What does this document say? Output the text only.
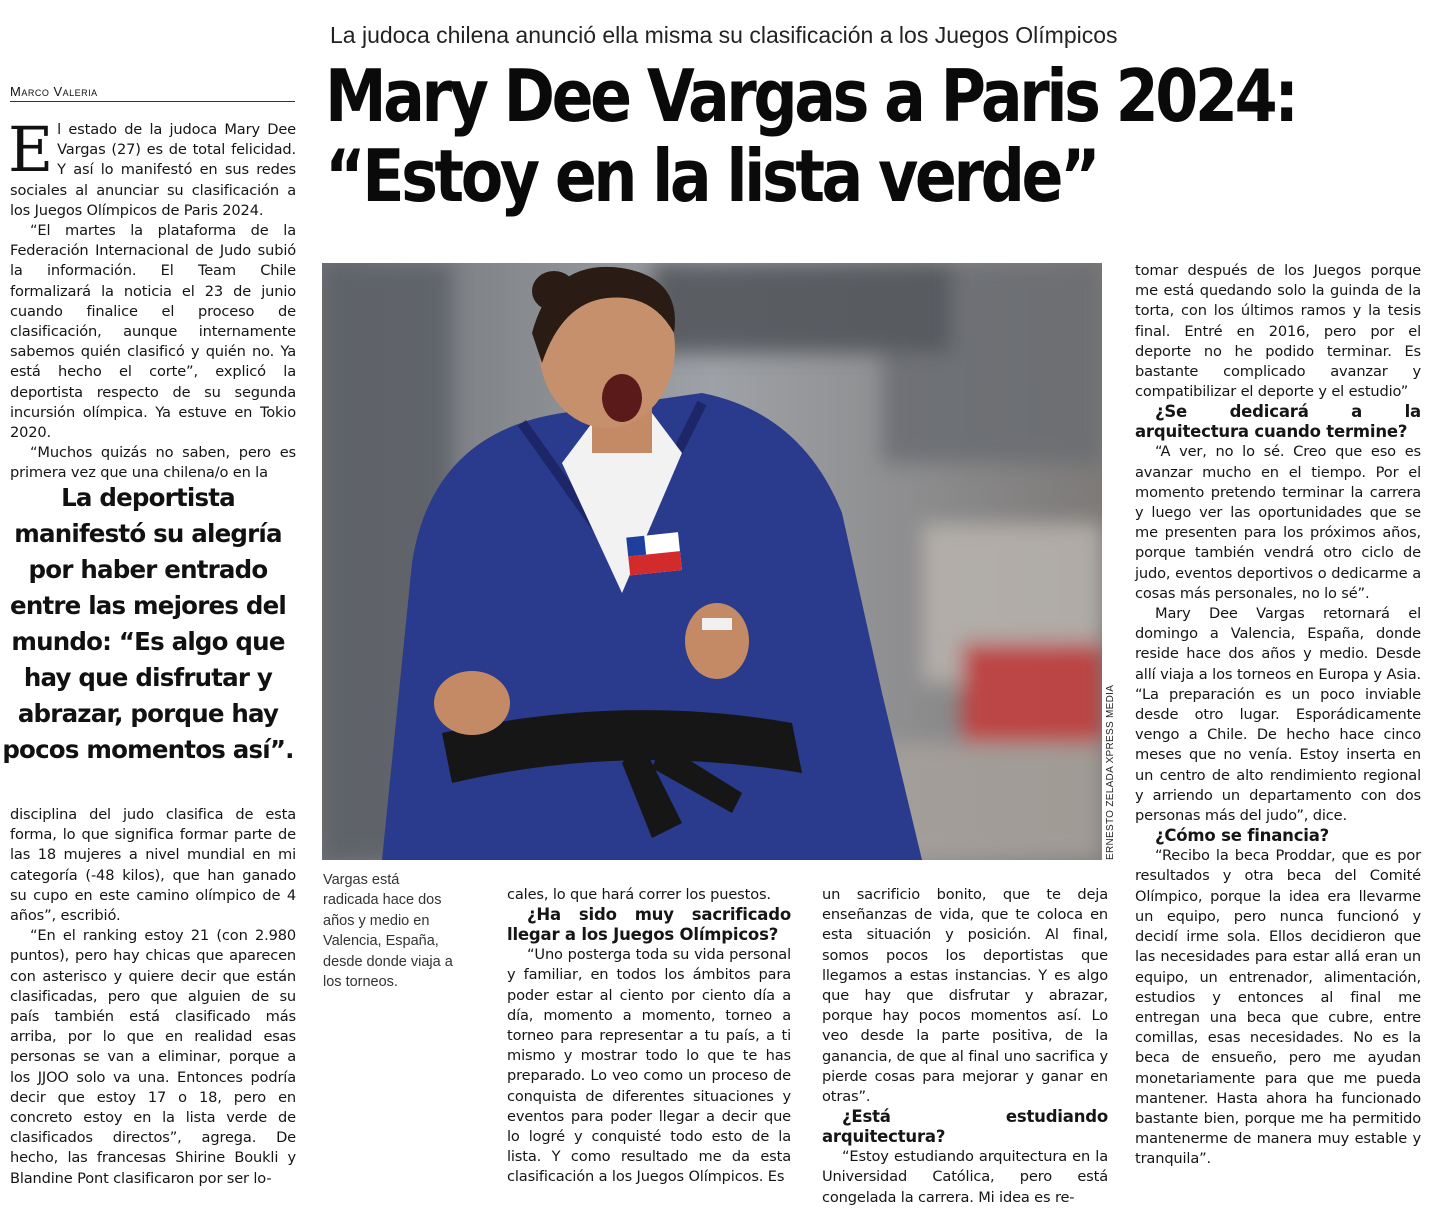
La judoca chilena anunció ella misma su clasificación a los Juegos Olímpicos
Mary Dee Vargas a Paris 2024:
“Estoy en la lista verde”
Marco Valeria

El estado de la judoca Mary Dee Vargas (27) es de total felicidad. Y así lo manifestó en sus redes sociales al anunciar su clasificación a los Juegos Olímpicos de Paris 2024.

“El martes la plataforma de la Federación Internacional de Judo subió la información. El Team Chile formalizará la noticia el 23 de junio cuando finalice el proceso de clasificación, aunque internamente sabemos quién clasificó y quién no. Ya está hecho el corte”, explicó la deportista respecto de su segunda incursión olímpica. Ya estuve en Tokio 2020.

“Muchos quizás no saben, pero es primera vez que una chilena/o en la

La deportista manifestó su alegría por haber entrado entre las mejores del mundo: “Es algo que hay que disfrutar y abrazar, porque hay pocos momentos así”.

disciplina del judo clasifica de esta forma, lo que significa formar parte de las 18 mujeres a nivel mundial en mi categoría (-48 kilos), que han ganado su cupo en este camino olímpico de 4 años”, escribió.

“En el ranking estoy 21 (con 2.980 puntos), pero hay chicas que aparecen con asterisco y quiere decir que están clasificadas, pero que alguien de su país también está clasificado más arriba, por lo que en realidad esas personas se van a eliminar, porque a los JJOO solo va una. Entonces podría decir que estoy 17 o 18, pero en concreto estoy en la lista verde de clasificados directos”, agrega. De hecho, las francesas Shirine Boukli y Blandine Pont clasificaron por ser lo-

ERNESTO ZELADA XPRESS MEDIA
Vargas está radicada hace dos años y medio en Valencia, España, desde donde viaja a los torneos.

cales, lo que hará correr los puestos.

¿Ha sido muy sacrificado llegar a los Juegos Olímpicos?

“Uno posterga toda su vida personal y familiar, en todos los ámbitos para poder estar al ciento por ciento día a día, momento a momento, torneo a torneo para representar a tu país, a ti mismo y mostrar todo lo que te has preparado. Lo veo como un proceso de conquista de diferentes situaciones y eventos para poder llegar a decir que lo logré y conquisté todo esto de la lista. Y como resultado me da esta clasificación a los Juegos Olímpicos. Es

un sacrificio bonito, que te deja enseñanzas de vida, que te coloca en esta situación y posición. Al final, somos pocos los deportistas que llegamos a estas instancias. Y es algo que hay que disfrutar y abrazar, porque hay pocos momentos así. Lo veo desde la parte positiva, de la ganancia, de que al final uno sacrifica y pierde cosas para mejorar y ganar en otras”.

¿Está estudiando arquitectura?

“Estoy estudiando arquitectura en la Universidad Católica, pero está congelada la carrera. Mi idea es re-

tomar después de los Juegos porque me está quedando solo la guinda de la torta, con los últimos ramos y la tesis final. Entré en 2016, pero por el deporte no he podido terminar. Es bastante complicado avanzar y compatibilizar el deporte y el estudio”

¿Se dedicará a la arquitectura cuando termine?

“A ver, no lo sé. Creo que eso es avanzar mucho en el tiempo. Por el momento pretendo terminar la carrera y luego ver las oportunidades que se me presenten para los próximos años, porque también vendrá otro ciclo de judo, eventos deportivos o dedicarme a cosas más personales, no lo sé”.

Mary Dee Vargas retornará el domingo a Valencia, España, donde reside hace dos años y medio. Desde allí viaja a los torneos en Europa y Asia. “La preparación es un poco inviable desde otro lugar. Esporádicamente vengo a Chile. De hecho hace cinco meses que no venía. Estoy inserta en un centro de alto rendimiento regional y arriendo un departamento con dos personas más del judo”, dice.

¿Cómo se financia?

“Recibo la beca Proddar, que es por resultados y otra beca del Comité Olímpico, porque la idea era llevarme un equipo, pero nunca funcionó y decidí irme sola. Ellos decidieron que las necesidades para estar allá eran un equipo, un entrenador, alimentación, estudios y entonces al final me entregan una beca que cubre, entre comillas, esas necesidades. No es la beca de ensueño, pero me ayudan monetariamente para que me pueda mantener. Hasta ahora ha funcionado bastante bien, porque me ha permitido mantenerme de manera muy estable y tranquila”.
